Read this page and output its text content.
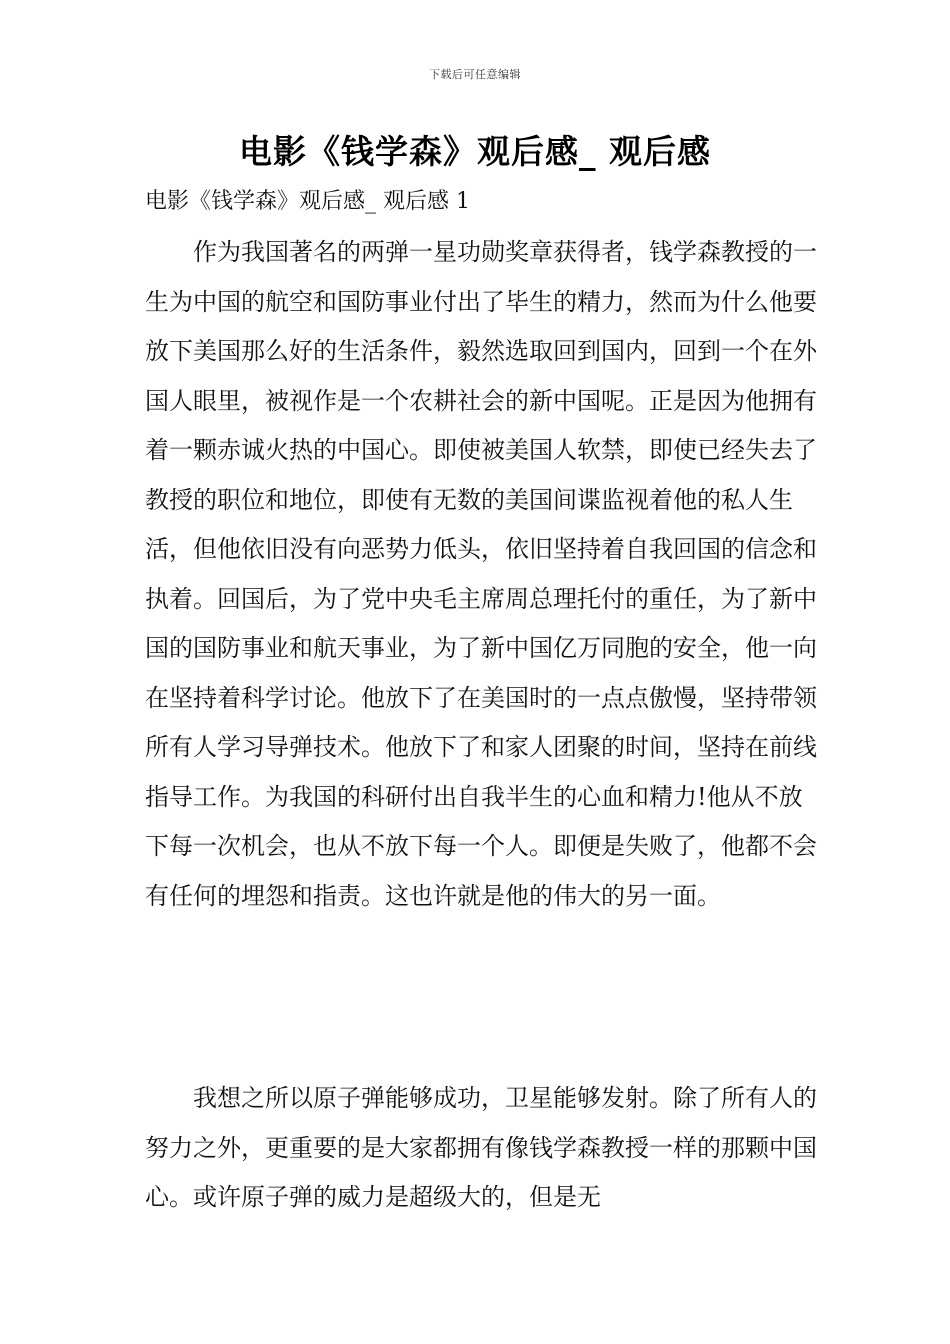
下载后可任意编辑
电影《钱学森》观后感_ 观后感

电影《钱学森》观后感_ 观后感 1

作为我国著名的两弹一星功勋奖章获得者，钱学森教授的一生为中国的航空和国防事业付出了毕生的精力，然而为什么他要放下美国那么好的生活条件，毅然选取回到国内，回到一个在外国人眼里，被视作是一个农耕社会的新中国呢。正是因为他拥有着一颗赤诚火热的中国心。即使被美国人软禁，即使已经失去了教授的职位和地位，即使有无数的美国间谍监视着他的私人生活，但他依旧没有向恶势力低头，依旧坚持着自我回国的信念和执着。回国后，为了党中央毛主席周总理托付的重任，为了新中国的国防事业和航天事业，为了新中国亿万同胞的安全，他一向在坚持着科学讨论。他放下了在美国时的一点点傲慢，坚持带领所有人学习导弹技术。他放下了和家人团聚的时间，坚持在前线指导工作。为我国的科研付出自我半生的心血和精力!他从不放下每一次机会，也从不放下每一个人。即便是失败了，他都不会有任何的埋怨和指责。这也许就是他的伟大的另一面。

我想之所以原子弹能够成功，卫星能够发射。除了所有人的努力之外，更重要的是大家都拥有像钱学森教授一样的那颗中国心。或许原子弹的威力是超级大的，但是无
